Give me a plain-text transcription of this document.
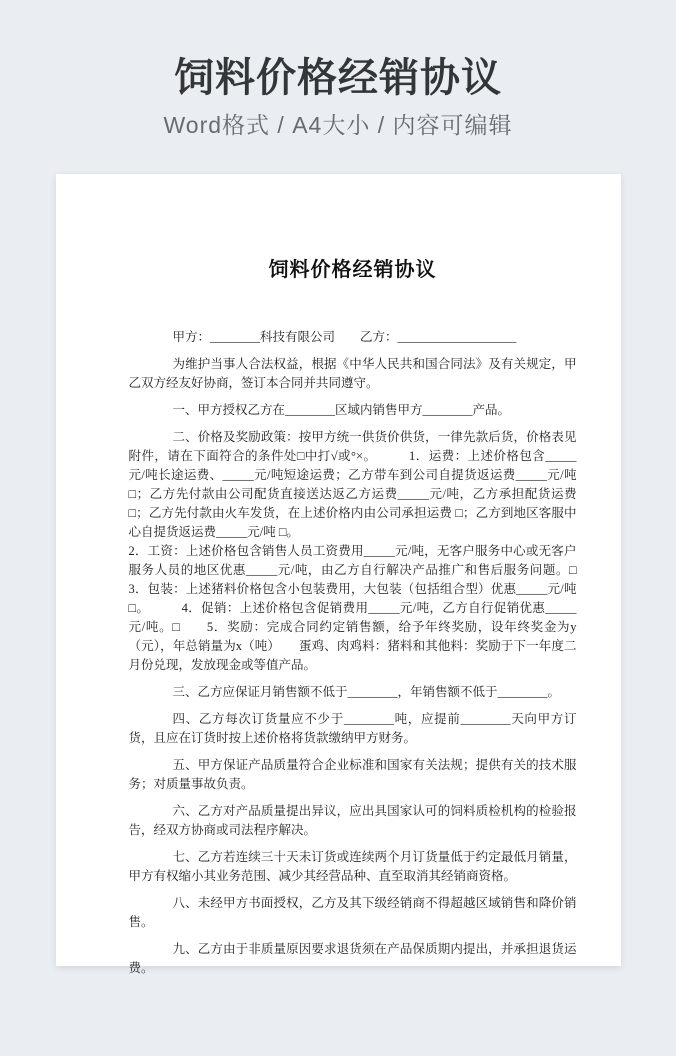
饲料价格经销协议

Word格式 / A4大小 / 内容可编辑

饲料价格经销协议

甲方：________科技有限公司　　乙方：___________________

为维护当事人合法权益，根据《中华人民共和国合同法》及有关规定，甲乙双方经友好协商，签订本合同并共同遵守。

一、甲方授权乙方在________区域内销售甲方________产品。

二、价格及奖励政策：按甲方统一供货价供货，一律先款后货，价格表见附件，请在下面符合的条件处□中打√或°×。　　　1．运费：上述价格包含_____元/吨长途运费、_____元/吨短途运费；乙方带车到公司自提货返运费_____元/吨 □；乙方先付款由公司配货直接送达返乙方运费_____元/吨，乙方承担配货运费 □；乙方先付款由火车发货，在上述价格内由公司承担运费 □；乙方到地区客服中心自提货返运费_____元/吨 □。

2．工资：上述价格包含销售人员工资费用_____元/吨，无客户服务中心或无客户服务人员的地区优惠_____元/吨，由乙方自行解决产品推广和售后服务问题。□　　3．包装：上述猪料价格包含小包装费用，大包装（包括组合型）优惠_____元/吨 □。　　　4．促销：上述价格包含促销费用_____元/吨，乙方自行促销优惠_____元/吨。□　　5．奖励：完成合同约定销售额，给予年终奖励，设年终奖金为y（元），年总销量为x（吨）　　蛋鸡、肉鸡料：猪料和其他料：奖励于下一年度二月份兑现，发放现金或等值产品。

三、乙方应保证月销售额不低于________，年销售额不低于________。

四、乙方每次订货量应不少于________吨，应提前________天向甲方订货，且应在订货时按上述价格将货款缴纳甲方财务。

五、甲方保证产品质量符合企业标准和国家有关法规；提供有关的技术服务；对质量事故负责。

六、乙方对产品质量提出异议，应出具国家认可的饲料质检机构的检验报告，经双方协商或司法程序解决。

七、乙方若连续三十天未订货或连续两个月订货量低于约定最低月销量，甲方有权缩小其业务范围、减少其经营品种、直至取消其经销商资格。

八、未经甲方书面授权，乙方及其下级经销商不得超越区域销售和降价销售。

九、乙方由于非质量原因要求退货须在产品保质期内提出，并承担退货运费。
